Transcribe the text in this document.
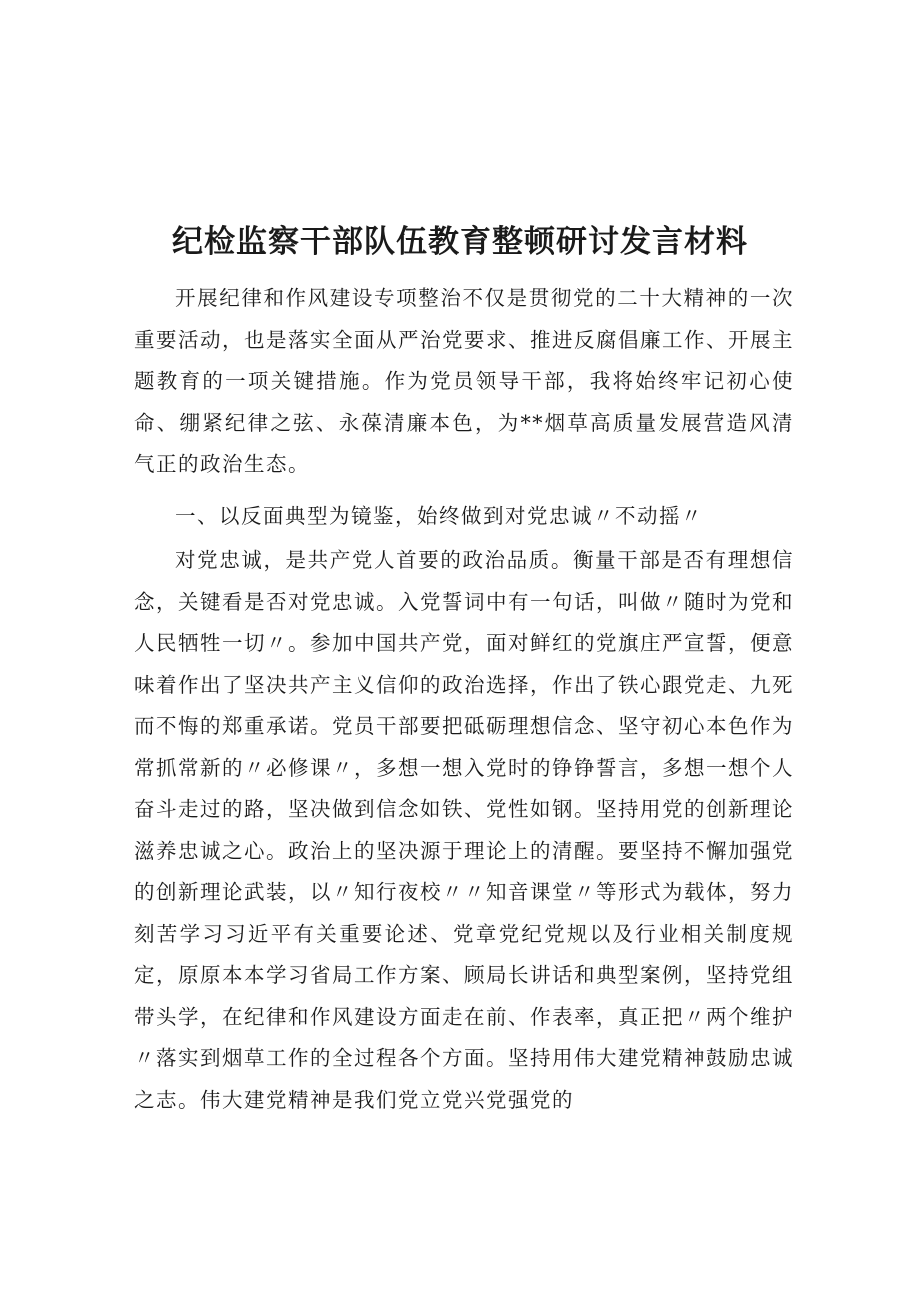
纪检监察干部队伍教育整顿研讨发言材料

开展纪律和作风建设专项整治不仅是贯彻党的二十大精神的一次重要活动，也是落实全面从严治党要求、推进反腐倡廉工作、开展主题教育的一项关键措施。作为党员领导干部，我将始终牢记初心使命、绷紧纪律之弦、永葆清廉本色，为**烟草高质量发展营造风清气正的政治生态。

一、以反面典型为镜鉴，始终做到对党忠诚〃不动摇〃

对党忠诚，是共产党人首要的政治品质。衡量干部是否有理想信念，关键看是否对党忠诚。入党誓词中有一句话，叫做〃随时为党和人民牺牲一切〃。参加中国共产党，面对鲜红的党旗庄严宣誓，便意味着作出了坚决共产主义信仰的政治选择，作出了铁心跟党走、九死而不悔的郑重承诺。党员干部要把砥砺理想信念、坚守初心本色作为常抓常新的〃必修课〃，多想一想入党时的铮铮誓言，多想一想个人奋斗走过的路，坚决做到信念如铁、党性如钢。坚持用党的创新理论滋养忠诚之心。政治上的坚决源于理论上的清醒。要坚持不懈加强党的创新理论武装，以〃知行夜校〃〃知音课堂〃等形式为载体，努力刻苦学习习近平有关重要论述、党章党纪党规以及行业相关制度规定，原原本本学习省局工作方案、顾局长讲话和典型案例，坚持党组带头学，在纪律和作风建设方面走在前、作表率，真正把〃两个维护〃落实到烟草工作的全过程各个方面。坚持用伟大建党精神鼓励忠诚之志。伟大建党精神是我们党立党兴党强党的
